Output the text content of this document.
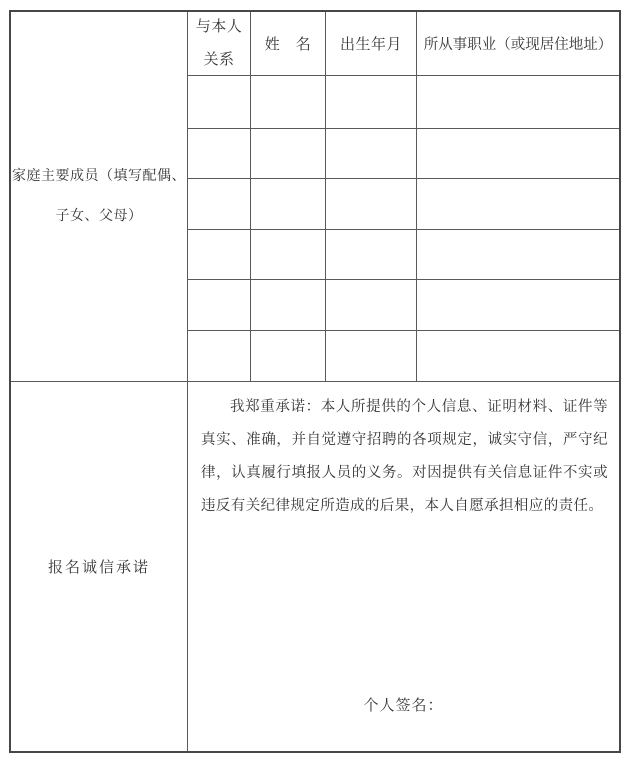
家庭主要成员（填写配偶、
子女、父母）
与本人
关系
姓　名	出生年月	所从事职业（或现居住地址）
报名诚信承诺

我郑重承诺：本人所提供的个人信息、证明材料、证件等真实、准确，并自觉遵守招聘的各项规定，诚实守信，严守纪律，认真履行填报人员的义务。对因提供有关信息证件不实或违反有关纪律规定所造成的后果，本人自愿承担相应的责任。

个人签名：
